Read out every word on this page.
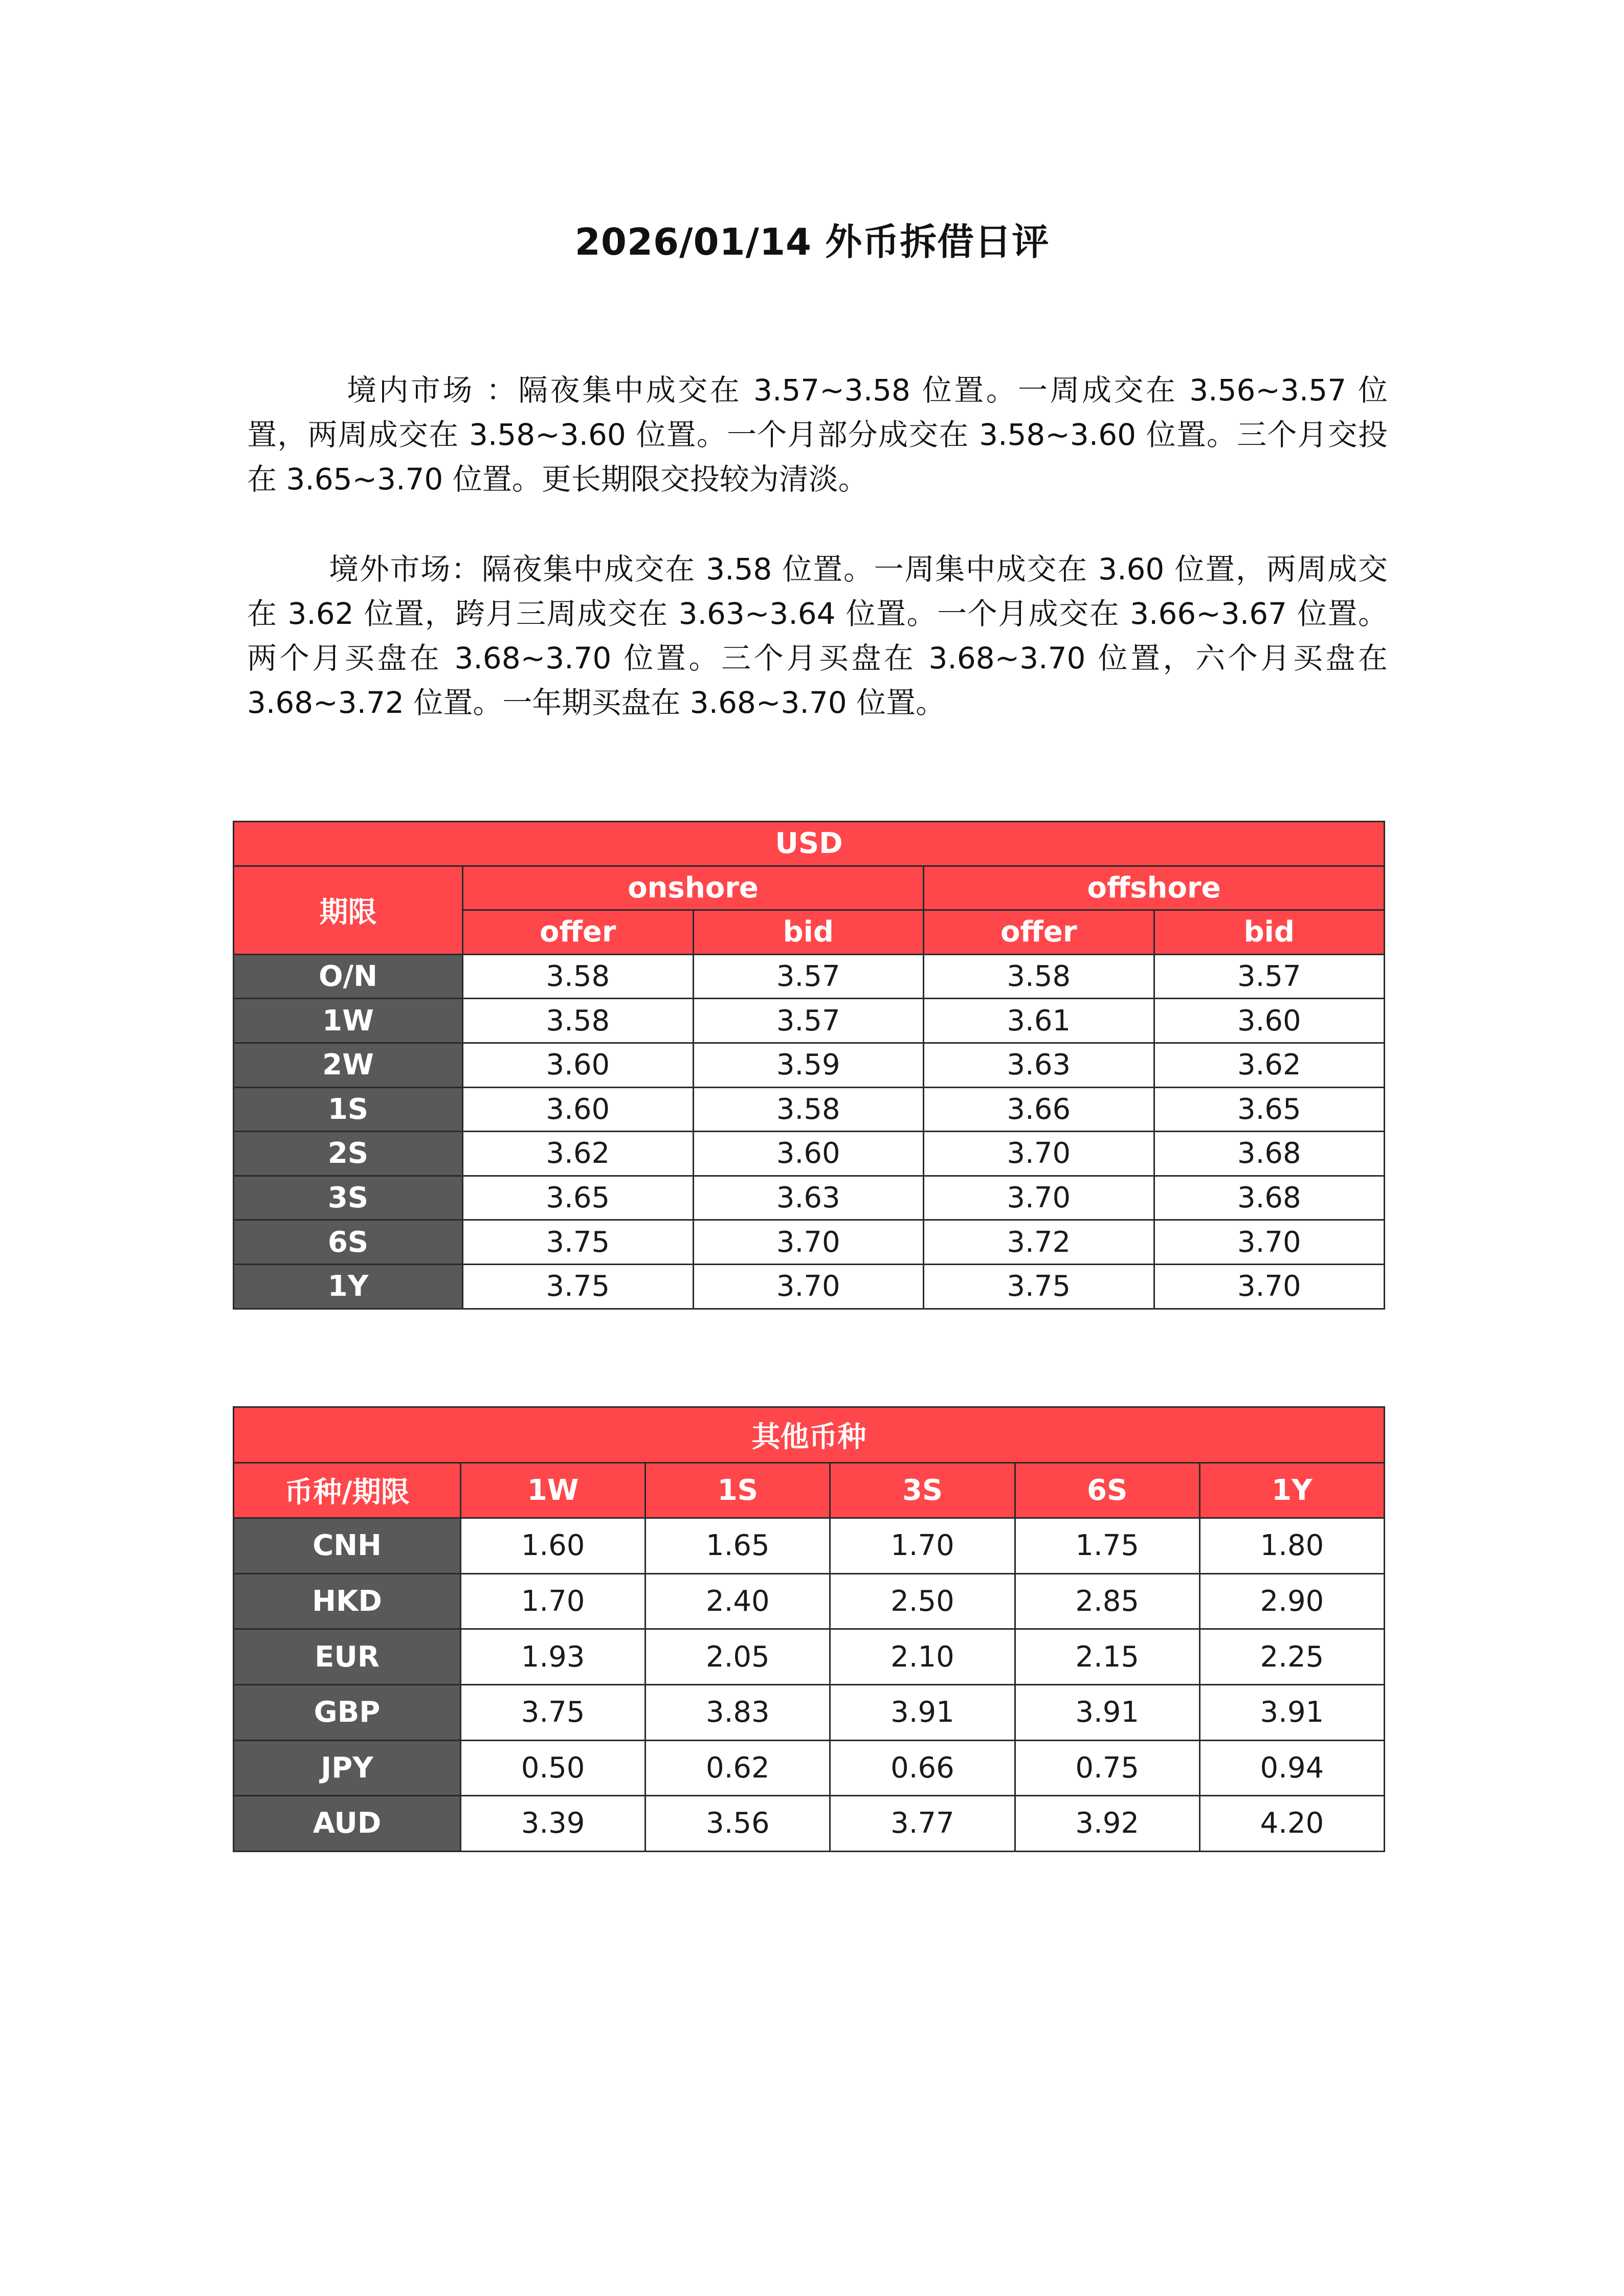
2026/01/14 外币拆借日评

境内市场 ：隔夜集中成交在 3.57~3.58 位置。一周成交在 3.56~3.57 位置，两周成交在 3.58~3.60 位置。一个月部分成交在 3.58~3.60 位置。三个月交投在 3.65~3.70 位置。更长期限交投较为清淡。

境外市场：隔夜集中成交在 3.58 位置。一周集中成交在 3.60 位置，两周成交在 3.62 位置，跨月三周成交在 3.63~3.64 位置。一个月成交在 3.66~3.67 位置。两个月买盘在 3.68~3.70 位置。三个月买盘在 3.68~3.70 位置，六个月买盘在 3.68~3.72 位置。一年期买盘在 3.68~3.70 位置。

USD				
期限	onshore		offshore	
	offer	bid	offer	bid
O/N	3.58	3.57	3.58	3.57
1W	3.58	3.57	3.61	3.60
2W	3.60	3.59	3.63	3.62
1S	3.60	3.58	3.66	3.65
2S	3.62	3.60	3.70	3.68
3S	3.65	3.63	3.70	3.68
6S	3.75	3.70	3.72	3.70
1Y	3.75	3.70	3.75	3.70
其他币种					
币种/期限	1W	1S	3S	6S	1Y
CNH	1.60	1.65	1.70	1.75	1.80
HKD	1.70	2.40	2.50	2.85	2.90
EUR	1.93	2.05	2.10	2.15	2.25
GBP	3.75	3.83	3.91	3.91	3.91
JPY	0.50	0.62	0.66	0.75	0.94
AUD	3.39	3.56	3.77	3.92	4.20
